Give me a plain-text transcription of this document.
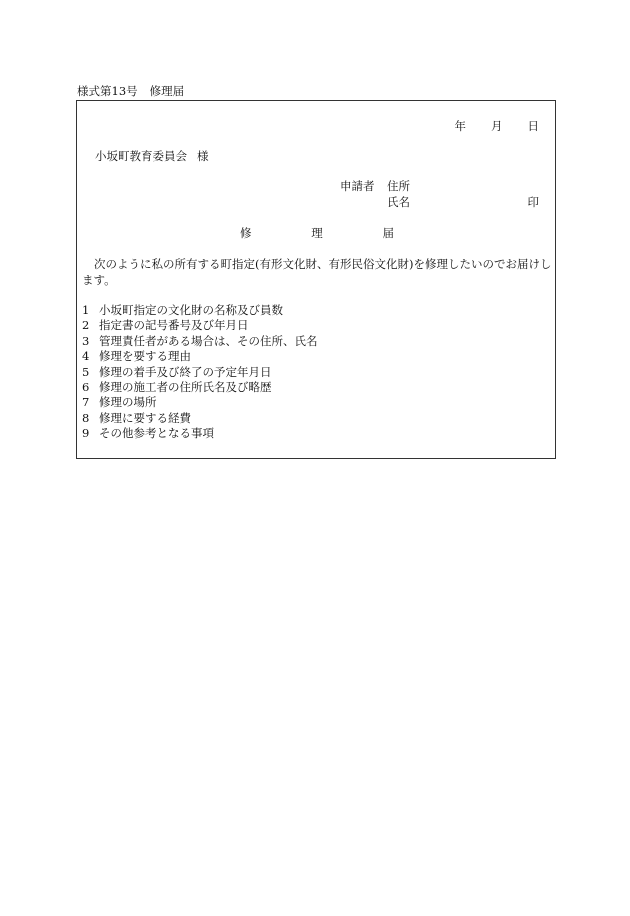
様式第13号 修理届
年 月 日
小坂町教育委員会 様
申請者 住所
氏名	印
修	理	届
次のように私の所有する町指定(有形文化財、有形民俗文化財)を修理したいのでお届けします。
1 小坂町指定の文化財の名称及び員数
2 指定書の記号番号及び年月日
3 管理責任者がある場合は、その住所、氏名
4 修理を要する理由
5 修理の着手及び終了の予定年月日
6 修理の施工者の住所氏名及び略歴
7 修理の場所
8 修理に要する経費
9 その他参考となる事項
